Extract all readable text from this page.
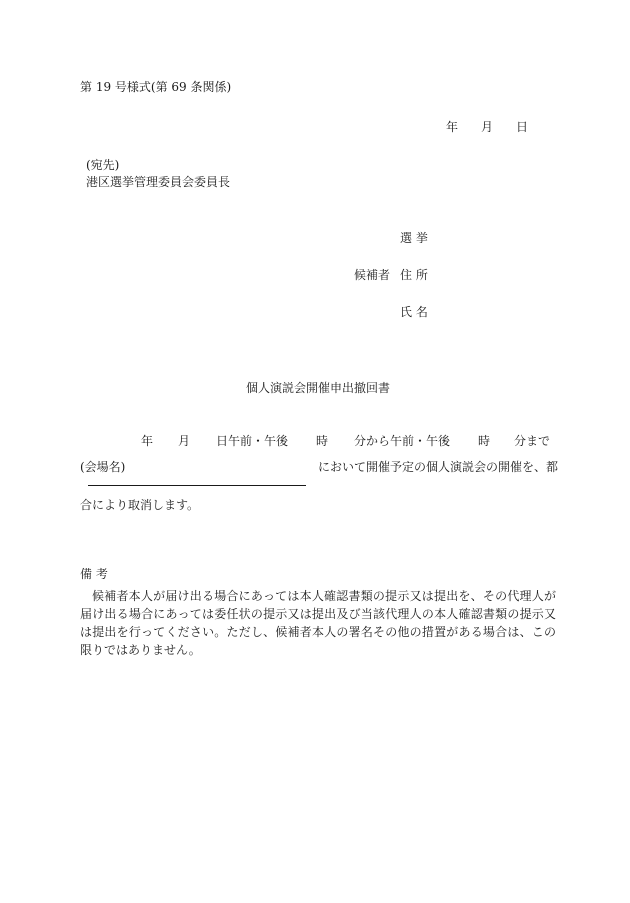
第 19 号様式(第 69 条関係)
年 月 日
(宛先)
港区選挙管理委員会委員長
選 挙
候補者 住 所
氏 名
個人演説会開催申出撤回書
年 月 日午前・午後 時 分から午前・午後 時 分まで
(会場名)	において開催予定の個人演説会の開催を、都
合により取消します。
備 考
候補者本人が届け出る場合にあっては本人確認書類の提示又は提出を、その代理人が届け出る場合にあっては委任状の提示又は提出及び当該代理人の本人確認書類の提示又は提出を行ってください。ただし、候補者本人の署名その他の措置がある場合は、この限りではありません。
